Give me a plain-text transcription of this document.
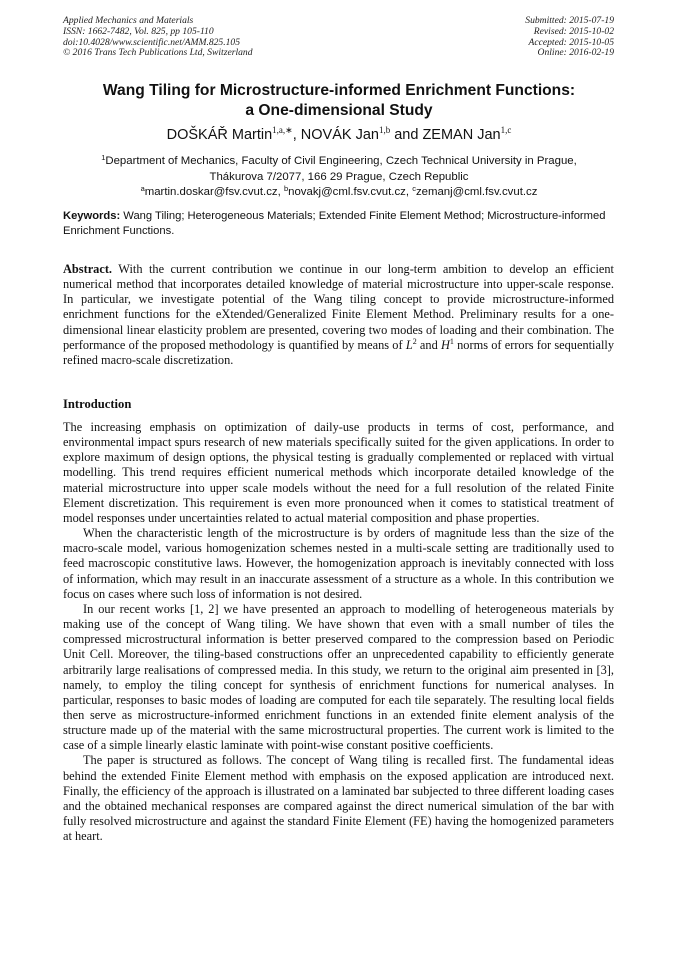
Applied Mechanics and Materials
ISSN: 1662-7482, Vol. 825, pp 105-110
doi:10.4028/www.scientific.net/AMM.825.105
© 2016 Trans Tech Publications Ltd, Switzerland
Submitted: 2015-07-19
Revised: 2015-10-02
Accepted: 2015-10-05
Online: 2016-02-19
Wang Tiling for Microstructure-informed Enrichment Functions:
a One-dimensional Study
DOŠKÁŘ Martin$^{1,a,∗}$, NOVÁK Jan$^{1,b}$ and ZEMAN Jan$^{1,c}$
$^1$Department of Mechanics, Faculty of Civil Engineering, Czech Technical University in Prague,
Thákurova 7/2077, 166 29 Prague, Czech Republic
$^a$martin.doskar@fsv.cvut.cz, $^b$novakj@cml.fsv.cvut.cz, $^c$zemanj@cml.fsv.cvut.cz
Keywords: Wang Tiling; Heterogeneous Materials; Extended Finite Element Method; Microstructure-informed Enrichment Functions.

Abstract. With the current contribution we continue in our long-term ambition to develop an efficient numerical method that incorporates detailed knowledge of material microstructure into upper-scale response. In particular, we investigate potential of the Wang tiling concept to provide microstructure-informed enrichment functions for the eXtended/Generalized Finite Element Method. Preliminary results for a one-dimensional linear elasticity problem are presented, covering two modes of loading and their combination. The performance of the proposed methodology is quantified by means of $L^2$ and $H^1$ norms of errors for sequentially refined macro-scale discretization.

Introduction

The increasing emphasis on optimization of daily-use products in terms of cost, performance, and environmental impact spurs research of new materials specifically suited for the given applications. In order to explore maximum of design options, the physical testing is gradually complemented or replaced with virtual modelling. This trend requires efficient numerical methods which incorporate detailed knowledge of the material microstructure into upper scale models without the need for a full resolution of the related Finite Element discretization. This requirement is even more pronounced when it comes to statistical treatment of model responses under uncertainties related to actual material composition and phase properties.

When the characteristic length of the microstructure is by orders of magnitude less than the size of the macro-scale model, various homogenization schemes nested in a multi-scale setting are traditionally used to feed macroscopic constitutive laws. However, the homogenization approach is inevitably connected with loss of information, which may result in an inaccurate assessment of a structure as a whole. In this contribution we focus on cases where such loss of information is not desired.

In our recent works [1, 2] we have presented an approach to modelling of heterogeneous materials by making use of the concept of Wang tiling. We have shown that even with a small number of tiles the compressed microstructural information is better preserved compared to the compression based on Periodic Unit Cell. Moreover, the tiling-based constructions offer an unprecedented capability to efficiently generate arbitrarily large realisations of compressed media. In this study, we return to the original aim presented in [3], namely, to employ the tiling concept for synthesis of enrichment functions for numerical analyses. In particular, responses to basic modes of loading are computed for each tile separately. The resulting local fields then serve as microstructure-informed enrichment functions in an extended finite element analysis of the structure made up of the material with the same microstructural properties. The current work is limited to the case of a simple linearly elastic laminate with point-wise constant positive coefficients.

The paper is structured as follows. The concept of Wang tiling is recalled first. The fundamental ideas behind the extended Finite Element method with emphasis on the exposed application are introduced next. Finally, the efficiency of the approach is illustrated on a laminated bar subjected to three different loading cases and the obtained mechanical responses are compared against the direct numerical simulation of the bar with fully resolved microstructure and against the standard Finite Element (FE) having the homogenized parameters at heart.
